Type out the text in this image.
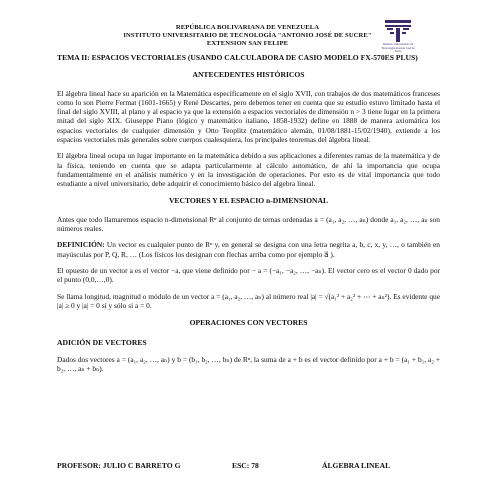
REPÚBLICA BOLIVARIANA DE VENEZUELA
INSTITUTO UNIVERSITARIO DE TECNOLOGÍA "ANTONIO JOSÉ DE SUCRE"
EXTENSION SAN FELIPE	Instituto Universitario de Tecnología Antonio José de Sucre
TEMA II: ESPACIOS VECTORIALES (USANDO CALCULADORA DE CASIO MODELO FX-570ES PLUS)
ANTECEDENTES HISTÓRICOS

El álgebra lineal hace su aparición en la Matemática específicamente en el siglo XVII, con trabajos de dos matemáticos franceses como lo son Pierre Fermat (1601-1665) y René Descartes, pero debemos tener en cuenta que su estudio estuvo limitado hasta el final del siglo XVIII, al plano y al espacio ya que la extensión a espacios vectoriales de dimensión n > 3 tiene lugar en la primera mitad del siglo XIX. Giuseppe Piano (lógico y matemático italiano, 1858-1932) define en 1888 de manera axiomática los espacios vectoriales de cualquier dimensión y Otto Teoplitz (matemático alemán, 01/08/1881-15/02/1940), extiende a los espacios vectoriales más generales sobre cuerpos cualesquiera, los principales teoremas del álgebra lineal.

El álgebra lineal ocupa un lugar importante en la matemática debido a sus aplicaciones a diferentes ramas de la matemática y de la física, teniendo en cuenta que se adapta particularmente al cálculo automático, de ahí la importancia que ocupa fundamentalmente en el análisis numérico y en la investigación de operaciones. Por esto es de vital importancia que todo estudiante a nivel universitario, debe adquirir el conocimiento básico del algebra lineal.

VECTORES Y EL ESPACIO n-DIMENSIONAL

Antes que todo llamaremos espacio n-dimensional Rⁿ al conjunto de ternas ordenadas a = (a₁, a₂, …, aₙ) donde a₁, a₂, …, aₙ son números reales.

DEFINICIÓN: Un vector es cualquier punto de Rⁿ y, en general se designa con una letra negrita a, b, c, x, y, …, o también en mayúsculas por P, Q, R, … (Los físicos los designan con flechas arriba como por ejemplo a⃗ ).

El opuesto de un vector a es el vector −a, que viene definido por − a = (−a₁, −a₂, …, −aₙ). El vector cero es el vector 0 dado por el punto (0,0,…,0).

Se llama longitud, magnitud o módulo de un vector a = (a₁, a₂, …, aₙ) al número real |a| = √(a₁² + a₂² + ⋯ + aₙ²). Es evidente que |a| ≥ 0 y |a| = 0 sí y sólo si a = 0.

OPERACIONES CON VECTORES
ADICIÓN DE VECTORES

Dados dos vectores a = (a₁, a₂, …, aₙ) y b = (b₁, b₂, …, bₙ) de Rⁿ, la suma de a + b es el vector definido por a + b = (a₁ + b₁, a₂ + b₂, …, aₙ + bₙ).

PROFESOR: JULIO C BARRETO G	ESC: 78	ÁLGEBRA LINEAL
